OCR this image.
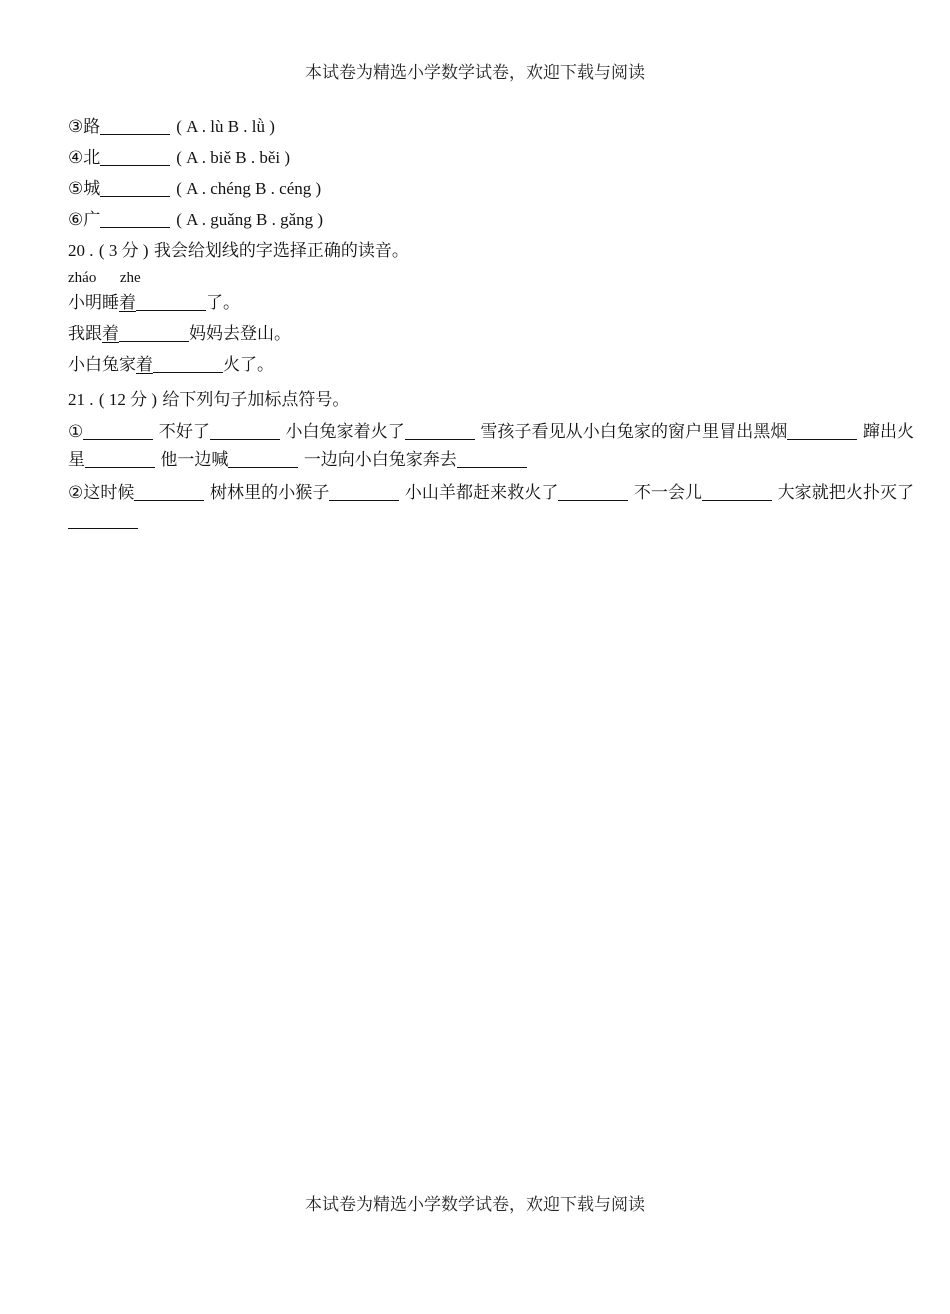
本试卷为精选小学数学试卷，欢迎下载与阅读
③路	( A . lù B . lǜ )
④北	( A . biě B . běi )
⑤城	( A . chéng B . céng )
⑥广	( A . guǎng B . gǎng )
20 . ( 3 分 ) 我会给划线的字选择正确的读音。
zháo zhe
小明睡着	了。
我跟着	妈妈去登山。
小白兔家着	火了。
21 . ( 12 分 ) 给下列句子加标点符号。
①	不好了	小白兔家着火了	雪孩子看见从小白兔家的窗户里冒出黑烟	蹿出火星	他一边喊	一边向小白兔家奔去
②这时候	树林里的小猴子	小山羊都赶来救火了	不一会儿	大家就把火扑灭了
本试卷为精选小学数学试卷，欢迎下载与阅读
